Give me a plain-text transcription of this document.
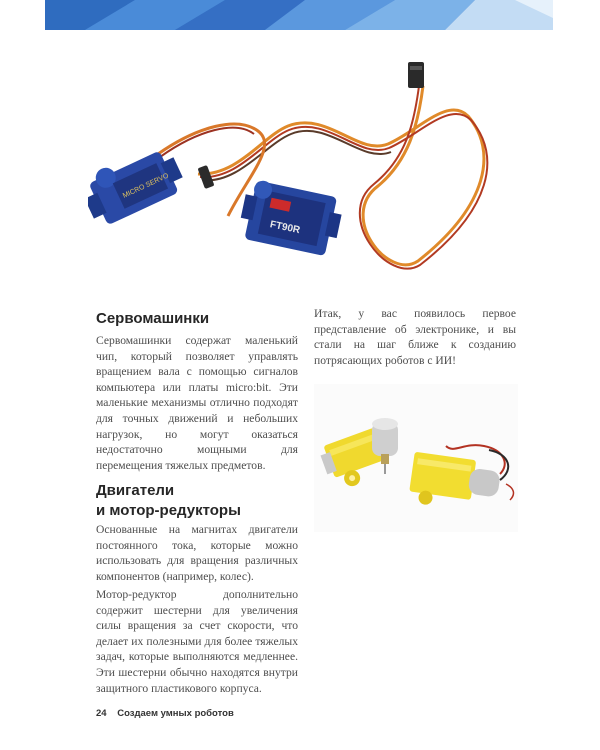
MICRO SERVO
FT90R
Сервомашинки

Сервомашинки содержат маленький чип, который позволяет управлять вращением вала с помощью сигналов компьютера или платы micro:bit. Эти маленькие механизмы отлично подходят для точных движений и небольших нагрузок, но могут оказаться недостаточно мощными для перемещения тяжелых предметов.

Двигатели
и мотор-редукторы

Основанные на магнитах двигатели постоянного тока, которые можно использовать для вращения различных компонентов (например, колес).

Мотор-редуктор дополнительно содержит шестерни для увеличения силы вращения за счет скорости, что делает их полезными для более тяжелых задач, которые выполняются медленнее. Эти шестерни обычно находятся внутри защитного пластикового корпуса.

Итак, у вас появилось первое представление об электронике, и вы стали на шаг ближе к созданию потрясающих роботов с ИИ!

24 Создаем умных роботов
